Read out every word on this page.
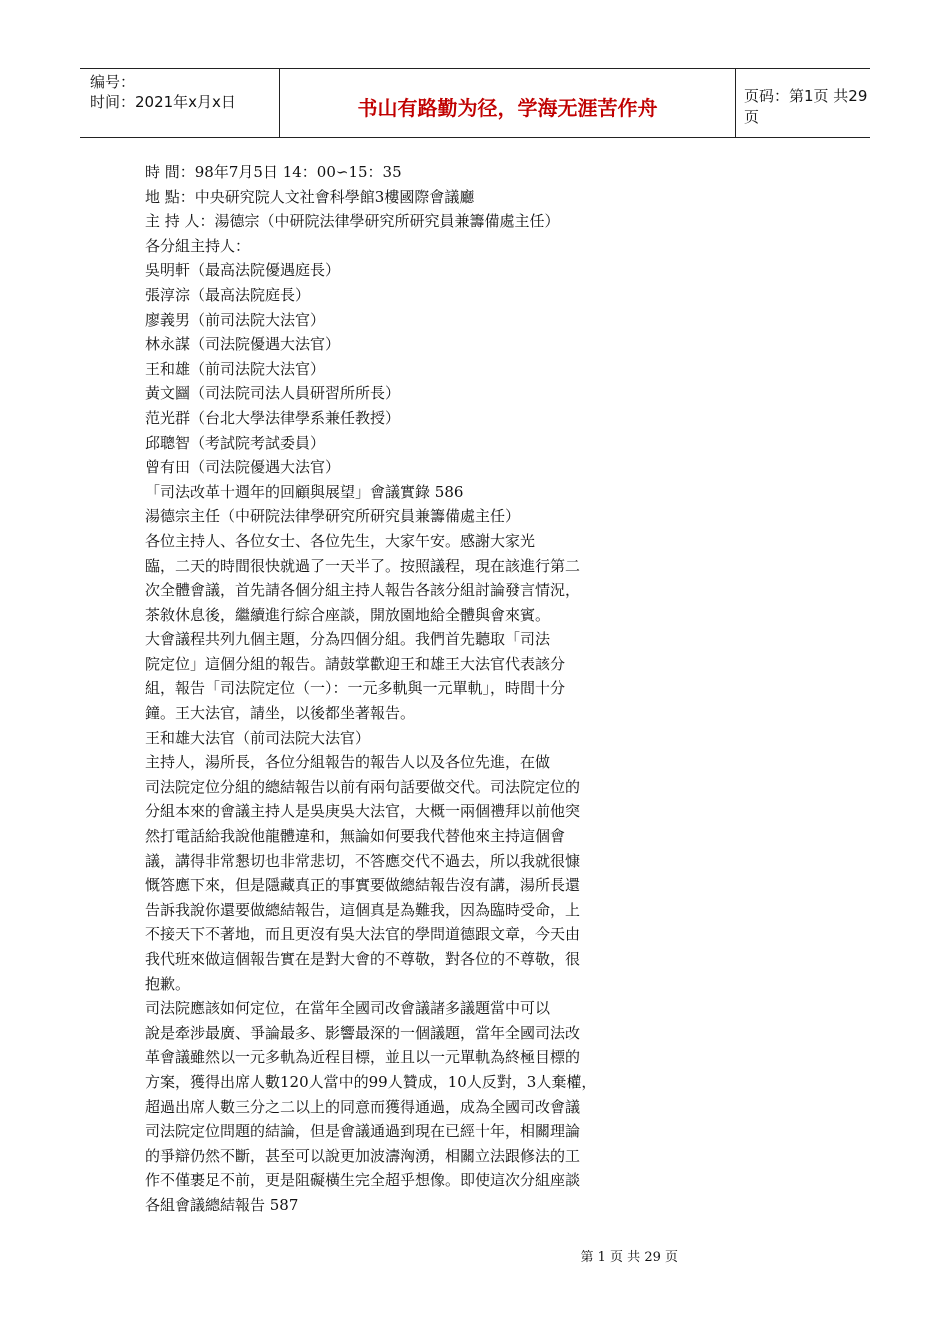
编号：
时间：2021年x月x日	书山有路勤为径，学海无涯苦作舟	页码：第1页 共29页
時 間：98年7月5日 14：00∽15：35
地 點：中央研究院人文社會科學館3樓國際會議廳
主 持 人：湯德宗（中研院法律學研究所研究員兼籌備處主任）
各分組主持人：
吳明軒（最高法院優遇庭長）
張淳淙（最高法院庭長）
廖義男（前司法院大法官）
林永謀（司法院優遇大法官）
王和雄（前司法院大法官）
黃文圝（司法院司法人員研習所所長）
范光群（台北大學法律學系兼任教授）
邱聰智（考試院考試委員）
曾有田（司法院優遇大法官）
「司法改革十週年的回顧與展望」會議實錄 586
湯德宗主任（中研院法律學研究所研究員兼籌備處主任）
各位主持人、各位女士、各位先生，大家午安。感謝大家光
臨，二天的時間很快就過了一天半了。按照議程，現在該進行第二
次全體會議，首先請各個分組主持人報告各該分組討論發言情況，
茶敘休息後，繼續進行綜合座談，開放園地給全體與會來賓。
大會議程共列九個主題，分為四個分組。我們首先聽取「司法
院定位」這個分組的報告。請鼓掌歡迎王和雄王大法官代表該分
組，報告「司法院定位（一）：一元多軌與一元單軌」，時間十分
鐘。王大法官，請坐，以後都坐著報告。
王和雄大法官（前司法院大法官）
主持人，湯所長，各位分組報告的報告人以及各位先進，在做
司法院定位分組的總結報告以前有兩句話要做交代。司法院定位的
分組本來的會議主持人是吳庚吳大法官，大概一兩個禮拜以前他突
然打電話給我說他龍體違和，無論如何要我代替他來主持這個會
議，講得非常懇切也非常悲切，不答應交代不過去，所以我就很慷
慨答應下來，但是隱藏真正的事實要做總結報告沒有講，湯所長還
告訴我說你還要做總結報告，這個真是為難我，因為臨時受命，上
不接天下不著地，而且更沒有吳大法官的學問道德跟文章，今天由
我代班來做這個報告實在是對大會的不尊敬，對各位的不尊敬，很
抱歉。
司法院應該如何定位，在當年全國司改會議諸多議題當中可以
說是牽涉最廣、爭論最多、影響最深的一個議題，當年全國司法改
革會議雖然以一元多軌為近程目標，並且以一元單軌為終極目標的
方案，獲得出席人數120人當中的99人贊成，10人反對，3人棄權，
超過出席人數三分之二以上的同意而獲得通過，成為全國司改會議
司法院定位問題的結論，但是會議通過到現在已經十年，相關理論
的爭辯仍然不斷，甚至可以說更加波濤洶湧，相關立法跟修法的工
作不僅裹足不前，更是阻礙橫生完全超乎想像。即使這次分組座談
各組會議總結報告 587
第 1 页 共 29 页
